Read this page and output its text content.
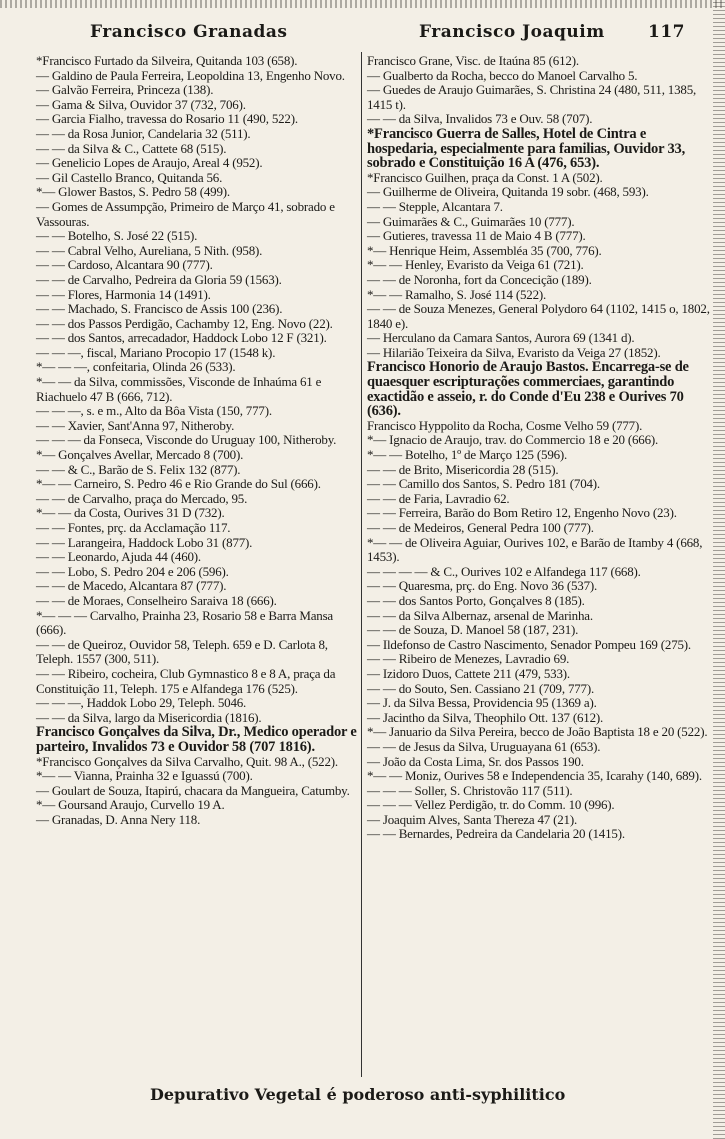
Francisco Granadas	Francisco Joaquim	117

*Francisco Furtado da Silveira, Quitanda 103 (658).

— Galdino de Paula Ferreira, Leopoldina 13, Engenho Novo.

— Galvão Ferreira, Princeza (138).

— Gama & Silva, Ouvidor 37 (732, 706).

— Garcia Fialho, travessa do Rosario 11 (490, 522).

— — da Rosa Junior, Candelaria 32 (511).

— — da Silva & C., Cattete 68 (515).

— Genelicio Lopes de Araujo, Areal 4 (952).

— Gil Castello Branco, Quitanda 56.

*— Glower Bastos, S. Pedro 58 (499).

— Gomes de Assumpção, Primeiro de Março 41, sobrado e Vassouras.

— — Botelho, S. José 22 (515).

— — Cabral Velho, Aureliana, 5 Nith. (958).

— — Cardoso, Alcantara 90 (777).

— — de Carvalho, Pedreira da Gloria 59 (1563).

— — Flores, Harmonia 14 (1491).

— — Machado, S. Francisco de Assis 100 (236).

— — dos Passos Perdigão, Cachamby 12, Eng. Novo (22).

— — dos Santos, arrecadador, Haddock Lobo 12 F (321).

— — —, fiscal, Mariano Procopio 17 (1548 k).

*— — —, confeitaria, Olinda 26 (533).

*— — da Silva, commissões, Visconde de Inhaúma 61 e Riachuelo 47 B (666, 712).

— — —, s. e m., Alto da Bôa Vista (150, 777).

— — Xavier, Sant'Anna 97, Nitheroby.

— — — da Fonseca, Visconde do Uruguay 100, Nitheroby.

*— Gonçalves Avellar, Mercado 8 (700).

— — & C., Barão de S. Felix 132 (877).

*— — Carneiro, S. Pedro 46 e Rio Grande do Sul (666).

— — de Carvalho, praça do Mercado, 95.

*— — da Costa, Ourives 31 D (732).

— — Fontes, prç. da Acclamação 117.

— — Larangeira, Haddock Lobo 31 (877).

— — Leonardo, Ajuda 44 (460).

— — Lobo, S. Pedro 204 e 206 (596).

— — de Macedo, Alcantara 87 (777).

— — de Moraes, Conselheiro Saraiva 18 (666).

*— — — Carvalho, Prainha 23, Rosario 58 e Barra Mansa (666).

— — de Queiroz, Ouvidor 58, Teleph. 659 e D. Carlota 8, Teleph. 1557 (300, 511).

— — Ribeiro, cocheira, Club Gymnastico 8 e 8 A, praça da Constituição 11, Teleph. 175 e Alfandega 176 (525).

— — —, Haddok Lobo 29, Teleph. 5046.

— — da Silva, largo da Misericordia (1816).

Francisco Gonçalves da Silva, Dr., Medico operador e parteiro, Invalidos 73 e Ouvidor 58 (707 1816).

*Francisco Gonçalves da Silva Carvalho, Quit. 98 A., (522).

*— — Vianna, Prainha 32 e Iguassú (700).

— Goulart de Souza, Itapirú, chacara da Mangueira, Catumby.

*— Goursand Araujo, Curvello 19 A.

— Granadas, D. Anna Nery 118.

Francisco Grane, Visc. de Itaúna 85 (612).

— Gualberto da Rocha, becco do Manoel Carvalho 5.

— Guedes de Araujo Guimarães, S. Christina 24 (480, 511, 1385, 1415 t).

— — da Silva, Invalidos 73 e Ouv. 58 (707).

*Francisco Guerra de Salles, Hotel de Cintra e hospedaria, especialmente para familias, Ouvidor 33, sobrado e Constituição 16 A (476, 653).

*Francisco Guilhen, praça da Const. 1 A (502).

— Guilherme de Oliveira, Quitanda 19 sobr. (468, 593).

— — Stepple, Alcantara 7.

— Guimarães & C., Guimarães 10 (777).

— Gutieres, travessa 11 de Maio 4 B (777).

*— Henrique Heim, Assembléa 35 (700, 776).

*— — Henley, Evaristo da Veiga 61 (721).

— — de Noronha, fort da Concecição (189).

*— — Ramalho, S. José 114 (522).

— — de Souza Menezes, General Polydoro 64 (1102, 1415 o, 1802, 1840 e).

— Herculano da Camara Santos, Aurora 69 (1341 d).

— Hilarião Teixeira da Silva, Evaristo da Veiga 27 (1852).

Francisco Honorio de Araujo Bastos. Encarrega-se de quaesquer escripturações commerciaes, garantindo exactidão e asseio, r. do Conde d'Eu 238 e Ourives 70 (636).

Francisco Hyppolito da Rocha, Cosme Velho 59 (777).

*— Ignacio de Araujo, trav. do Commercio 18 e 20 (666).

*— — Botelho, 1º de Março 125 (596).

— — de Brito, Misericordia 28 (515).

— — Camillo dos Santos, S. Pedro 181 (704).

— — de Faria, Lavradio 62.

— — Ferreira, Barão do Bom Retiro 12, Engenho Novo (23).

— — de Medeiros, General Pedra 100 (777).

*— — de Oliveira Aguiar, Ourives 102, e Barão de Itamby 4 (668, 1453).

— — — — & C., Ourives 102 e Alfandega 117 (668).

— — Quaresma, prç. do Eng. Novo 36 (537).

— — dos Santos Porto, Gonçalves 8 (185).

— — da Silva Albernaz, arsenal de Marinha.

— — de Souza, D. Manoel 58 (187, 231).

— Ildefonso de Castro Nascimento, Senador Pompeu 169 (275).

— — Ribeiro de Menezes, Lavradio 69.

— Izidoro Duos, Cattete 211 (479, 533).

— — do Souto, Sen. Cassiano 21 (709, 777).

— J. da Silva Bessa, Providencia 95 (1369 a).

— Jacintho da Silva, Theophilo Ott. 137 (612).

*— Januario da Silva Pereira, becco de João Baptista 18 e 20 (522).

— — de Jesus da Silva, Uruguayana 61 (653).

— João da Costa Lima, Sr. dos Passos 190.

*— — Moniz, Ourives 58 e Independencia 35, Icarahy (140, 689).

— — — Soller, S. Christovão 117 (511).

— — — Vellez Perdigão, tr. do Comm. 10 (996).

— Joaquim Alves, Santa Thereza 47 (21).

— — Bernardes, Pedreira da Candelaria 20 (1415).

Depurativo Vegetal é poderoso anti-syphilitico
